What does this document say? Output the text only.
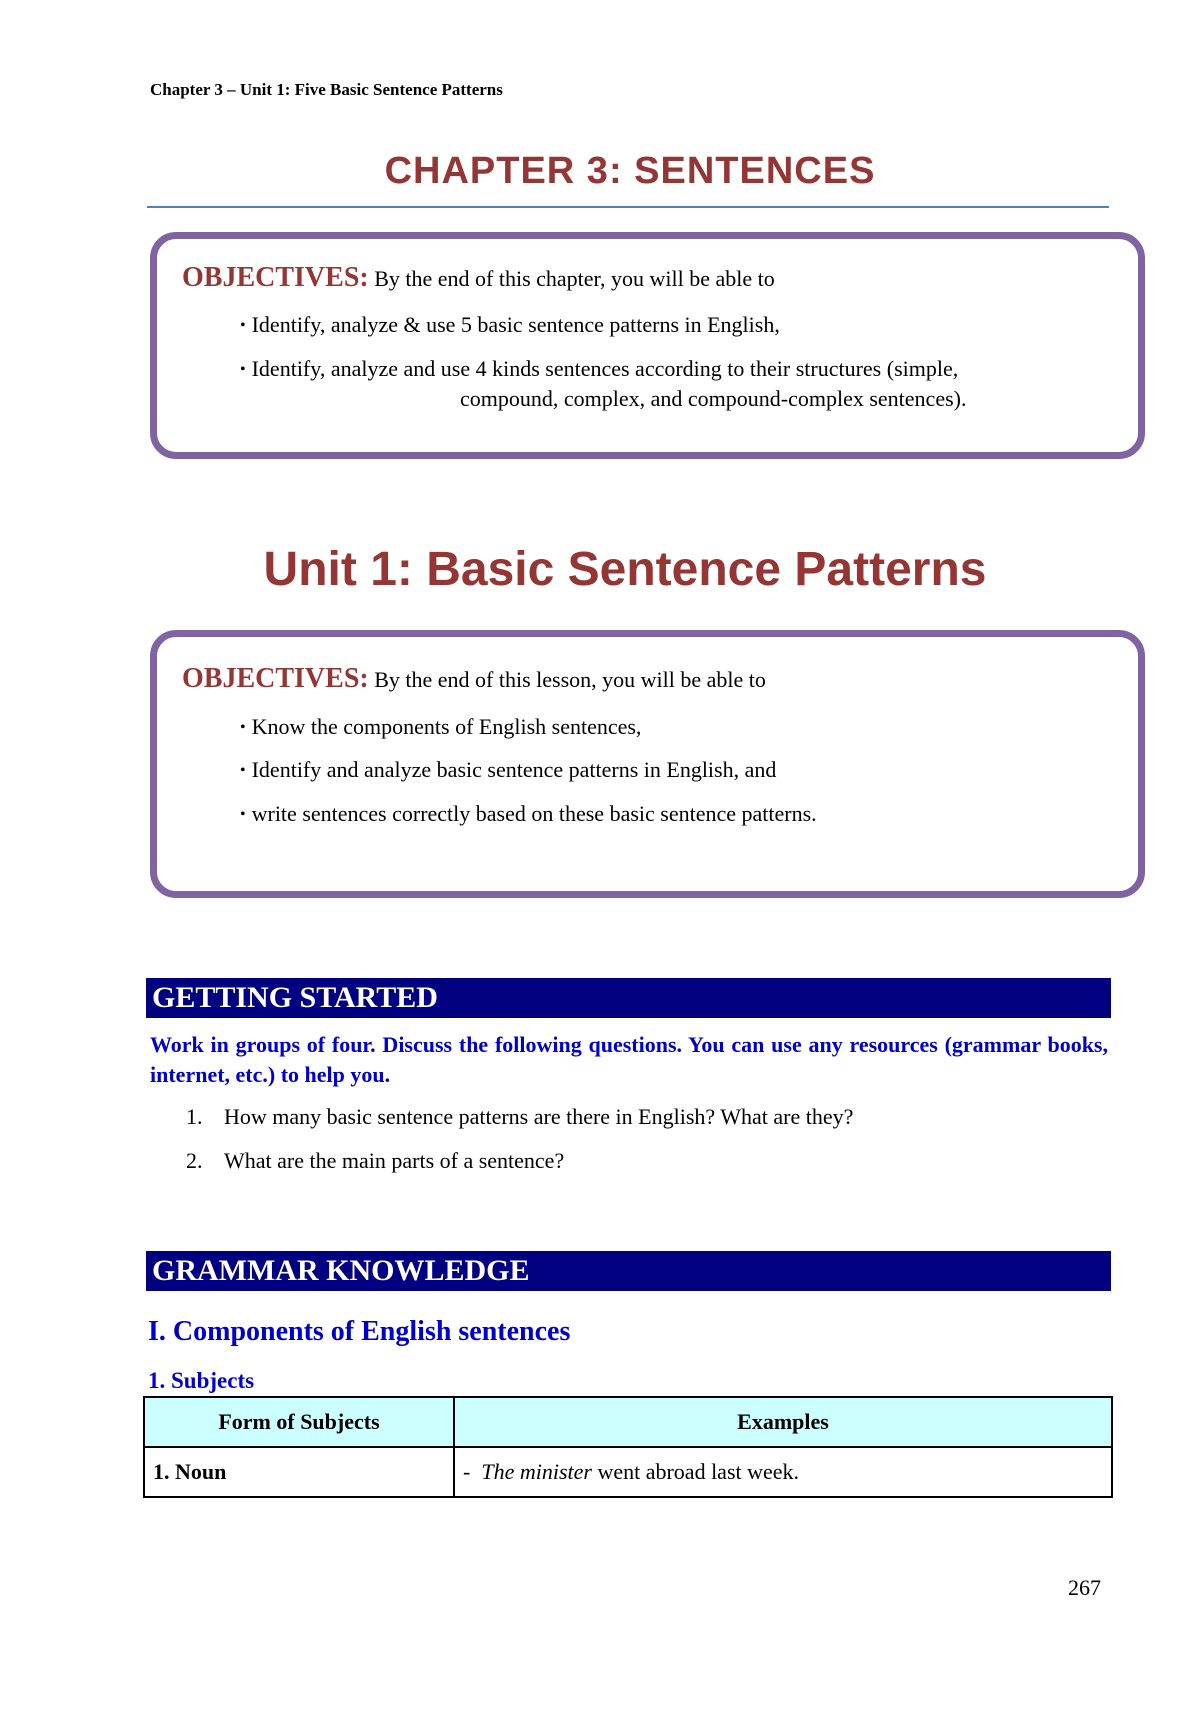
Chapter 3 – Unit 1: Five Basic Sentence Patterns
CHAPTER 3: SENTENCES
OBJECTIVES: By the end of this chapter, you will be able to
• Identify, analyze & use 5 basic sentence patterns in English,
• Identify, analyze and use 4 kinds sentences according to their structures (simple,
compound, complex, and compound-complex sentences).
Unit 1: Basic Sentence Patterns
OBJECTIVES: By the end of this lesson, you will be able to
• Know the components of English sentences,
• Identify and analyze basic sentence patterns in English, and
• write sentences correctly based on these basic sentence patterns.
GETTING STARTED
Work in groups of four. Discuss the following questions. You can use any resources (grammar books, internet, etc.) to help you.
1. How many basic sentence patterns are there in English? What are they?
2. What are the main parts of a sentence?
GRAMMAR KNOWLEDGE
I. Components of English sentences
1. Subjects
Form of Subjects	Examples
1. Noun	- The minister went abroad last week.
267
